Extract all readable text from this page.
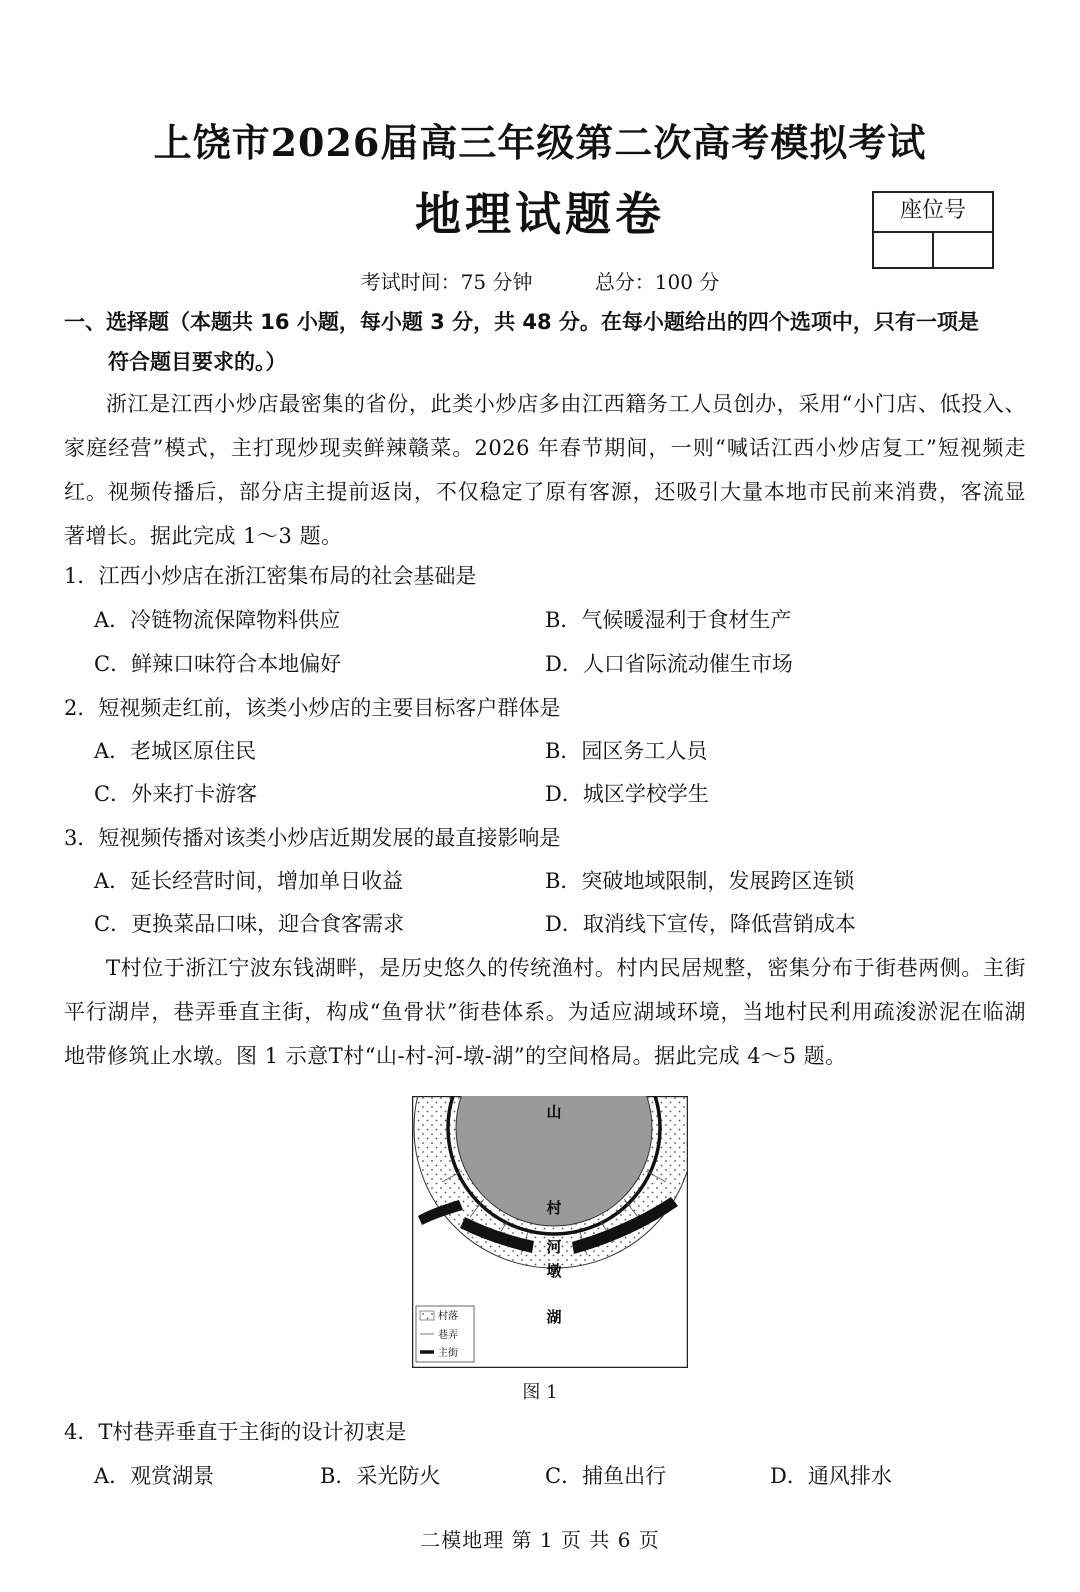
上饶市2026届高三年级第二次高考模拟考试
地理试题卷	座位号
考试时间：75 分钟	总分：100 分
一、选择题（本题共 16 小题，每小题 3 分，共 48 分。在每小题给出的四个选项中，只有一项是
符合题目要求的。）
浙江是江西小炒店最密集的省份，此类小炒店多由江西籍务工人员创办，采用“小门店、低投入、家庭经营”模式，主打现炒现卖鲜辣赣菜。2026 年春节期间，一则“喊话江西小炒店复工”短视频走红。视频传播后，部分店主提前返岗，不仅稳定了原有客源，还吸引大量本地市民前来消费，客流显著增长。据此完成 1～3 题。
1．江西小炒店在浙江密集布局的社会基础是
A．冷链物流保障物料供应	B．气候暖湿利于食材生产
C．鲜辣口味符合本地偏好	D．人口省际流动催生市场
2．短视频走红前，该类小炒店的主要目标客户群体是
A．老城区原住民	B．园区务工人员
C．外来打卡游客	D．城区学校学生
3．短视频传播对该类小炒店近期发展的最直接影响是
A．延长经营时间，增加单日收益	B．突破地域限制，发展跨区连锁
C．更换菜品口味，迎合食客需求	D．取消线下宣传，降低营销成本
T村位于浙江宁波东钱湖畔，是历史悠久的传统渔村。村内民居规整，密集分布于街巷两侧。主街平行湖岸，巷弄垂直主街，构成“鱼骨状”街巷体系。为适应湖域环境，当地村民利用疏浚淤泥在临湖地带修筑止水墩。图 1 示意T村“山-村-河-墩-湖”的空间格局。据此完成 4～5 题。
山
村
河
墩
湖
村落
巷弄
主街
图 1
4．T村巷弄垂直于主街的设计初衷是
A．观赏湖景	B．采光防火	C．捕鱼出行	D．通风排水
二模地理 第 1 页 共 6 页
